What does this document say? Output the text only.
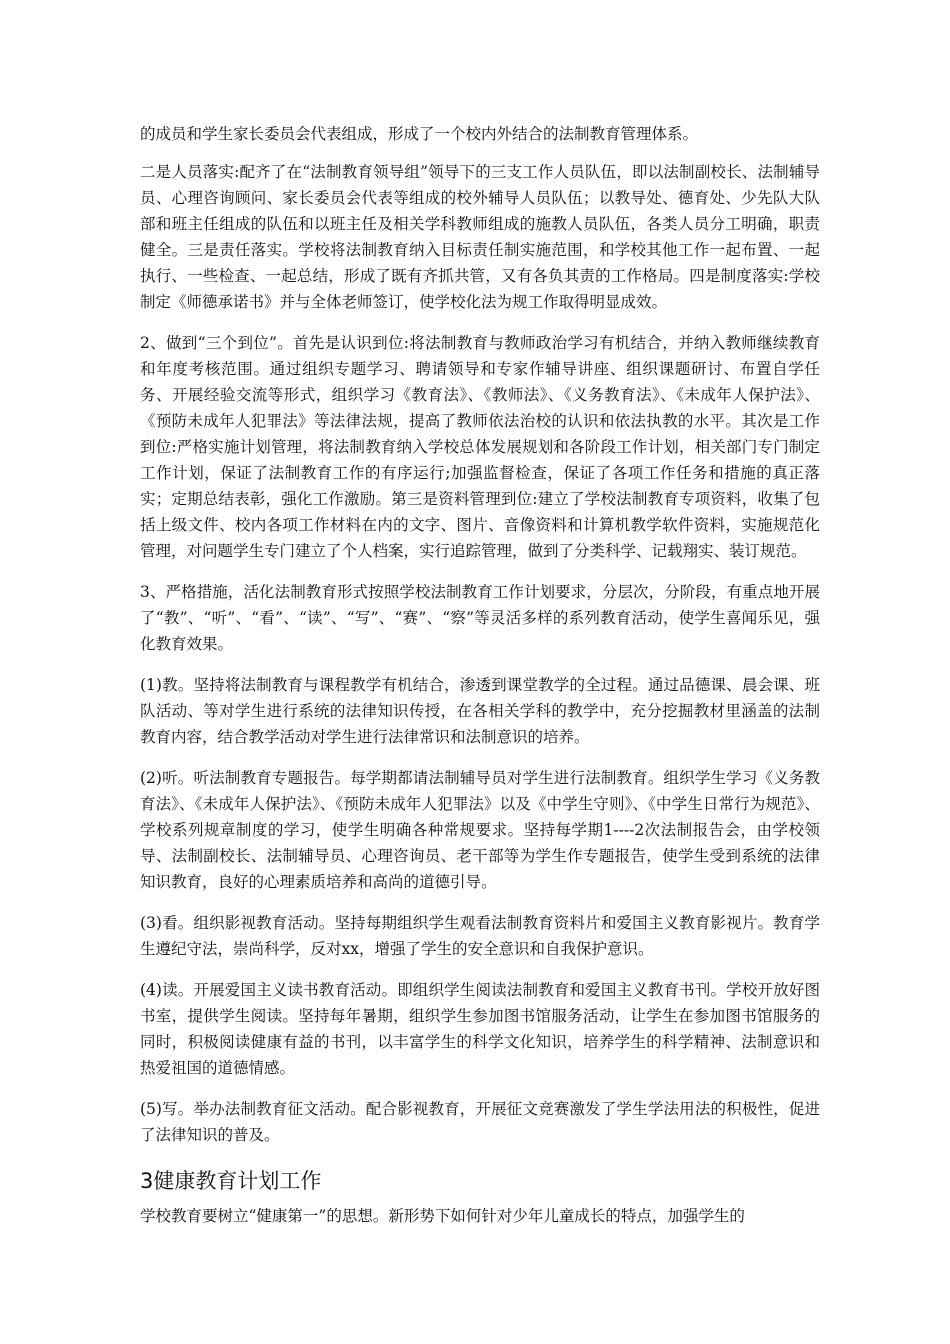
的成员和学生家长委员会代表组成，形成了一个校内外结合的法制教育管理体系。

二是人员落实:配齐了在“法制教育领导组”领导下的三支工作人员队伍，即以法制副校长、法制辅导员、心理咨询顾问、家长委员会代表等组成的校外辅导人员队伍；以教导处、德育处、少先队大队部和班主任组成的队伍和以班主任及相关学科教师组成的施教人员队伍，各类人员分工明确，职责健全。三是责任落实。学校将法制教育纳入目标责任制实施范围，和学校其他工作一起布置、一起执行、一些检查、一起总结，形成了既有齐抓共管，又有各负其责的工作格局。四是制度落实:学校制定《师德承诺书》并与全体老师签订，使学校化法为规工作取得明显成效。

2、做到“三个到位”。首先是认识到位:将法制教育与教师政治学习有机结合，并纳入教师继续教育和年度考核范围。通过组织专题学习、聘请领导和专家作辅导讲座、组织课题研讨、布置自学任务、开展经验交流等形式，组织学习《教育法》、《教师法》、《义务教育法》、《未成年人保护法》、《预防未成年人犯罪法》等法律法规，提高了教师依法治校的认识和依法执教的水平。其次是工作到位:严格实施计划管理，将法制教育纳入学校总体发展规划和各阶段工作计划，相关部门专门制定工作计划，保证了法制教育工作的有序运行;加强监督检查，保证了各项工作任务和措施的真正落实；定期总结表彰，强化工作激励。第三是资料管理到位:建立了学校法制教育专项资料，收集了包括上级文件、校内各项工作材料在内的文字、图片、音像资料和计算机教学软件资料，实施规范化管理，对问题学生专门建立了个人档案，实行追踪管理，做到了分类科学、记载翔实、装订规范。

3、严格措施，活化法制教育形式按照学校法制教育工作计划要求，分层次，分阶段，有重点地开展了“教”、“听”、“看”、“读”、“写”、“赛”、“察”等灵活多样的系列教育活动，使学生喜闻乐见，强化教育效果。

(1)教。坚持将法制教育与课程教学有机结合，渗透到课堂教学的全过程。通过品德课、晨会课、班队活动、等对学生进行系统的法律知识传授，在各相关学科的教学中，充分挖掘教材里涵盖的法制教育内容，结合教学活动对学生进行法律常识和法制意识的培养。

(2)听。听法制教育专题报告。每学期都请法制辅导员对学生进行法制教育。组织学生学习《义务教育法》、《未成年人保护法》、《预防未成年人犯罪法》以及《中学生守则》、《中学生日常行为规范》、学校系列规章制度的学习，使学生明确各种常规要求。坚持每学期1----2次法制报告会，由学校领导、法制副校长、法制辅导员、心理咨询员、老干部等为学生作专题报告，使学生受到系统的法律知识教育，良好的心理素质培养和高尚的道德引导。

(3)看。组织影视教育活动。坚持每期组织学生观看法制教育资料片和爱国主义教育影视片。教育学生遵纪守法，崇尚科学，反对xx，增强了学生的安全意识和自我保护意识。

(4)读。开展爱国主义读书教育活动。即组织学生阅读法制教育和爱国主义教育书刊。学校开放好图书室，提供学生阅读。坚持每年暑期，组织学生参加图书馆服务活动，让学生在参加图书馆服务的同时，积极阅读健康有益的书刊，以丰富学生的科学文化知识，培养学生的科学精神、法制意识和热爱祖国的道德情感。

(5)写。举办法制教育征文活动。配合影视教育，开展征文竞赛激发了学生学法用法的积极性，促进了法律知识的普及。

3健康教育计划工作

学校教育要树立“健康第一”的思想。新形势下如何针对少年儿童成长的特点，加强学生的
